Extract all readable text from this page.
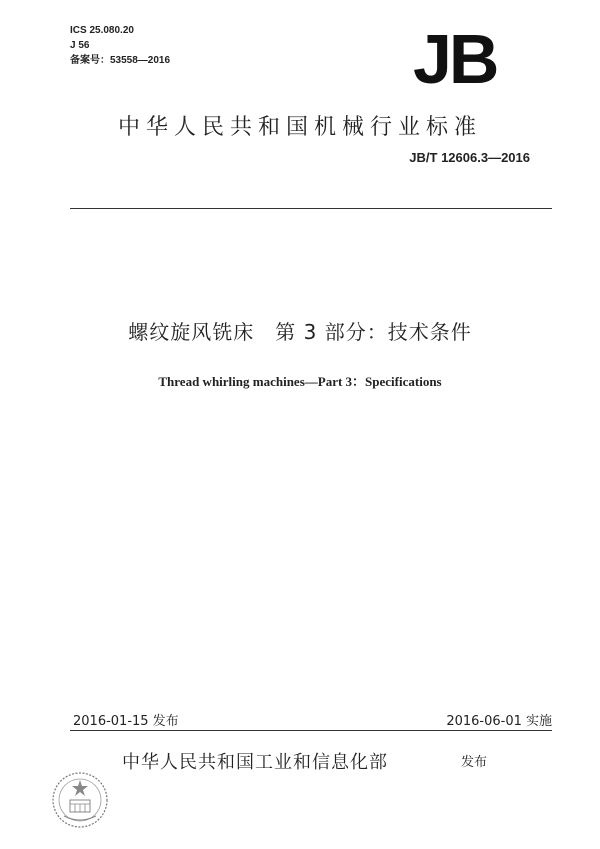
ICS 25.080.20
J 56
备案号：53558—2016	JB
中华人民共和国机械行业标准
JB/T 12606.3—2016
螺纹旋风铣床　第 3 部分：技术条件
Thread whirling machines—Part 3：Specifications
2016-01-15 发布	2016-06-01 实施
中华人民共和国工业和信息化部	发布
